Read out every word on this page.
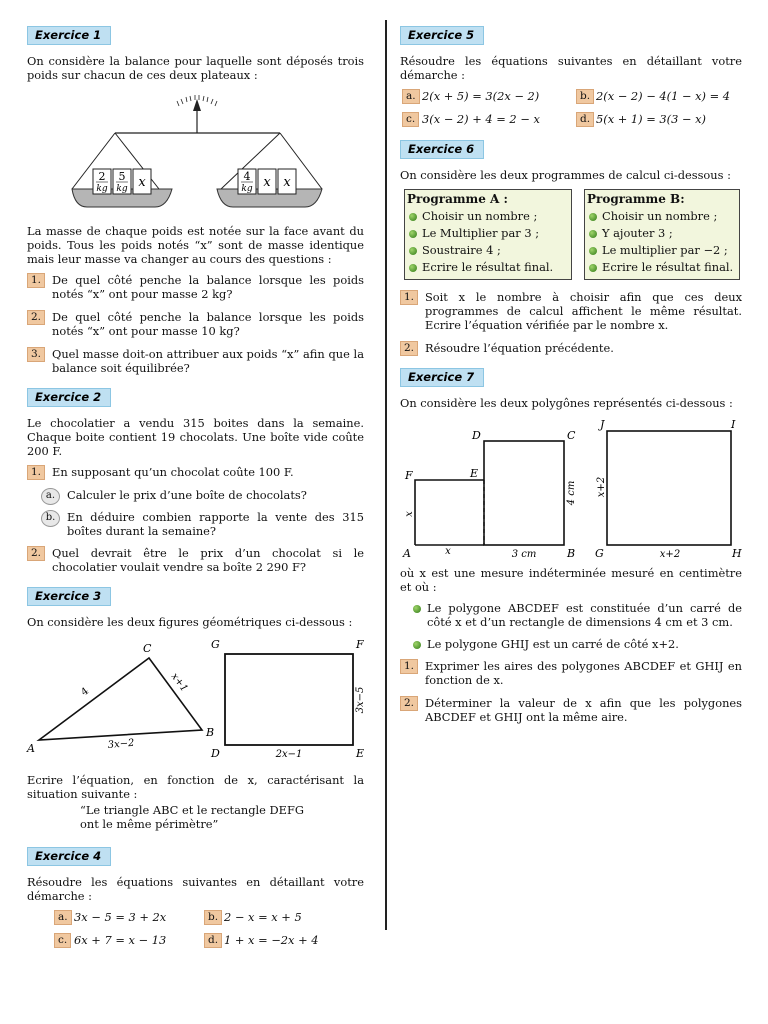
Exercice 1

On considère la balance pour laquelle sont déposés trois poids sur chacun de ces deux plateaux :

2
kg
5
kg x	4
kg x x

La masse de chaque poids est notée sur la face avant du poids. Tous les poids notés “x” sont de masse identique mais leur masse va changer au cours des questions :

1. De quel côté penche la balance lorsque les poids notés “x” ont pour masse 2 kg?
2. De quel côté penche la balance lorsque les poids notés “x” ont pour masse 10 kg?
3. Quel masse doit-on attribuer aux poids “x” afin que la balance soit équilibrée?
Exercice 2

Le chocolatier a vendu 315 boites dans la semaine. Chaque boite contient 19 chocolats. Une boîte vide coûte 200 F.

1. En supposant qu’un chocolat coûte 100 F.
a.	Calculer le prix d’une boîte de chocolats?
b.	En déduire combien rapporte la vente des 315 boîtes durant la semaine?
2. Quel devrait être le prix d’un chocolat si le chocolatier voulait vendre sa boîte 2 290 F?
Exercice 3

On considère les deux figures géométriques ci-dessous :

A
C
B
4	x+1
3x−2
G	F
D	E
2x−1
3x−5

Ecrire l’équation, en fonction de x, caractérisant la situation suivante :

“Le triangle ABC et le rectangle DEFG
ont le même périmètre”
Exercice 4

Résoudre les équations suivantes en détaillant votre démarche :

a. 3x − 5 = 3 + 2x	b. 2 − x = x + 5
c. 6x + 7 = x − 13	d. 1 + x = −2x + 4
Exercice 5

Résoudre les équations suivantes en détaillant votre démarche :

a. 2(x + 5) = 3(2x − 2)	b. 2(x − 2) − 4(1 − x) = 4
c. 3(x − 2) + 4 = 2 − x	d. 5(x + 1) = 3(3 − x)
Exercice 6

On considère les deux programmes de calcul ci-dessous :

Programme A :
Choisir un nombre ;
Le Multiplier par 3 ;
Soustraire 4 ;
Ecrire le résultat final.
Programme B:
Choisir un nombre ;
Y ajouter 3 ;
Le multiplier par −2 ;
Ecrire le résultat final.
1. Soit x le nombre à choisir afin que ces deux programmes de calcul affichent le même résultat. Ecrire l’équation vérifiée par le nombre x.
2. Résoudre l’équation précédente.
Exercice 7

On considère les deux polygônes représentés ci-dessous :

A	B
C
D
E
F
x
x	3 cm
4 cm
G	H
I
J
x+2
x+2

où x est une mesure indéterminée mesuré en centimètre et où :

Le polygone ABCDEF est constituée d’un carré de côté x et d’un rectangle de dimensions 4 cm et 3 cm.
Le polygone GHIJ est un carré de côté x+2.
1. Exprimer les aires des polygones ABCDEF et GHIJ en fonction de x.
2. Déterminer la valeur de x afin que les polygones ABCDEF et GHIJ ont la même aire.
